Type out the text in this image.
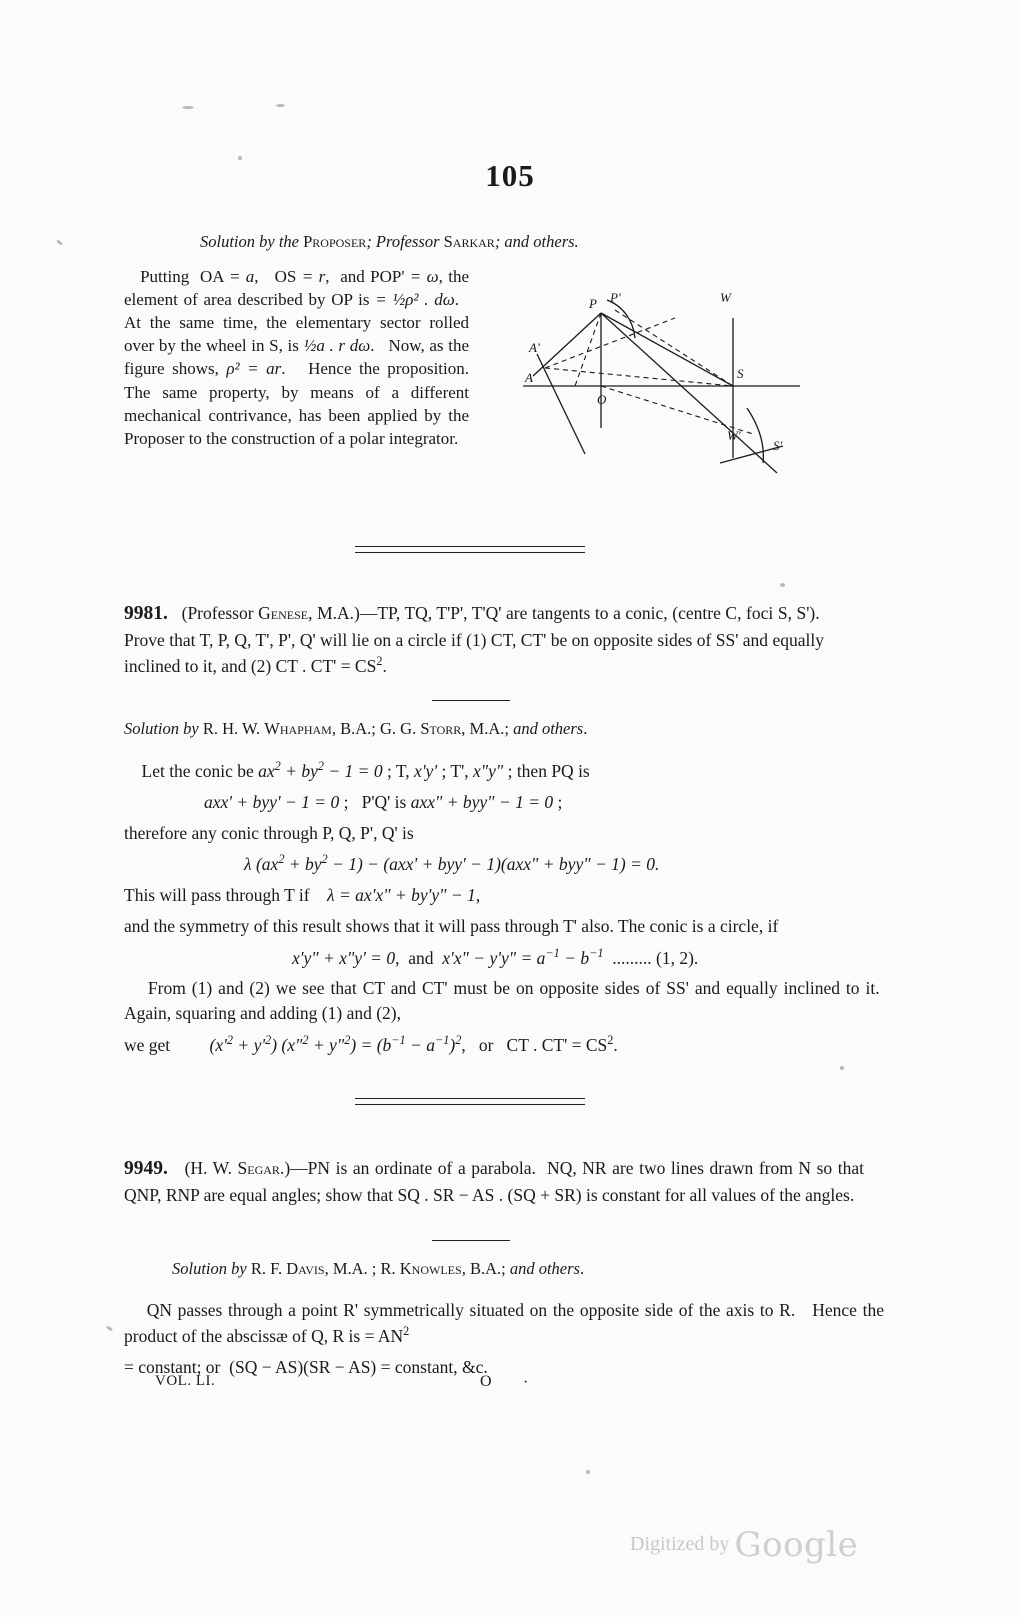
105
Solution by the Proposer; Professor Sarkar; and others.
Putting  OA = a,   OS = r,  and POP' = ω, the element of area described by OP is = ½ρ² . dω.   At the same time, the elementary sector rolled over by the wheel in S, is ½a . r dω.   Now, as the figure shows, ρ² = ar.   Hence the proposition. The same property, by means of a different mechanical contrivance, has been applied by the Proposer to the construction of a polar integrator.
P P'	W
A'
A
O
S
W'
S'
9981.   (Professor Genese, M.A.)—TP, TQ, T'P', T'Q' are tangents to a conic, (centre C, foci S, S').  Prove that T, P, Q, T', P', Q' will lie on a circle if (1) CT, CT' be on opposite sides of SS' and equally inclined to it, and (2) CT . $CT' = CS^2$.
Solution by R. H. W. Whapham, B.A.; G. G. Storr, M.A.; and others.
Let the conic be $ax^2 + by^2 - 1 = 0$ ; T, x'y' ; T', x"y" ; then PQ is
axx' + byy' − 1 = 0 ;   P'Q' is axx" + byy" − 1 = 0 ;
therefore any conic through P, Q, P', Q' is
λ $(ax^2 + by^2 - 1) - (axx' + byy' - 1)(axx$" + byy" − 1) = 0.
This will pass through T if    λ = ax'x" + by'y" − 1,
and the symmetry of this result shows that it will pass through T' also. The conic is a circle, if
x'y" + x"y' = 0,  and  x'x" − y'y" = $a^{-1} - b^{-1}$  ......... (1, 2).
From (1) and (2) we see that CT and CT' must be on opposite sides of SS' and equally inclined to it.  Again, squaring and adding (1) and (2),
we get         $(x'^2 + y'^2)$ (x"$^2$ + y"$^2$) = $(b^{-1} - a^{-1})^2$,   or   CT . $CT' = CS^2$.
9949.   (H. W. Segar.)—PN is an ordinate of a parabola.  NQ, NR are two lines drawn from N so that QNP, RNP are equal angles; show that SQ . SR − AS . (SQ + SR) is constant for all values of the angles.
Solution by R. F. Davis, M.A. ; R. Knowles, B.A.; and others.
QN passes through a point R' symmetrically situated on the opposite side of the axis to R.   Hence the product of the abscissæ of Q, R is = $AN^2$
= constant; or  (SQ − AS)(SR − AS) = constant, &c.
VOL. LI.	O ·
Digitized by Google
